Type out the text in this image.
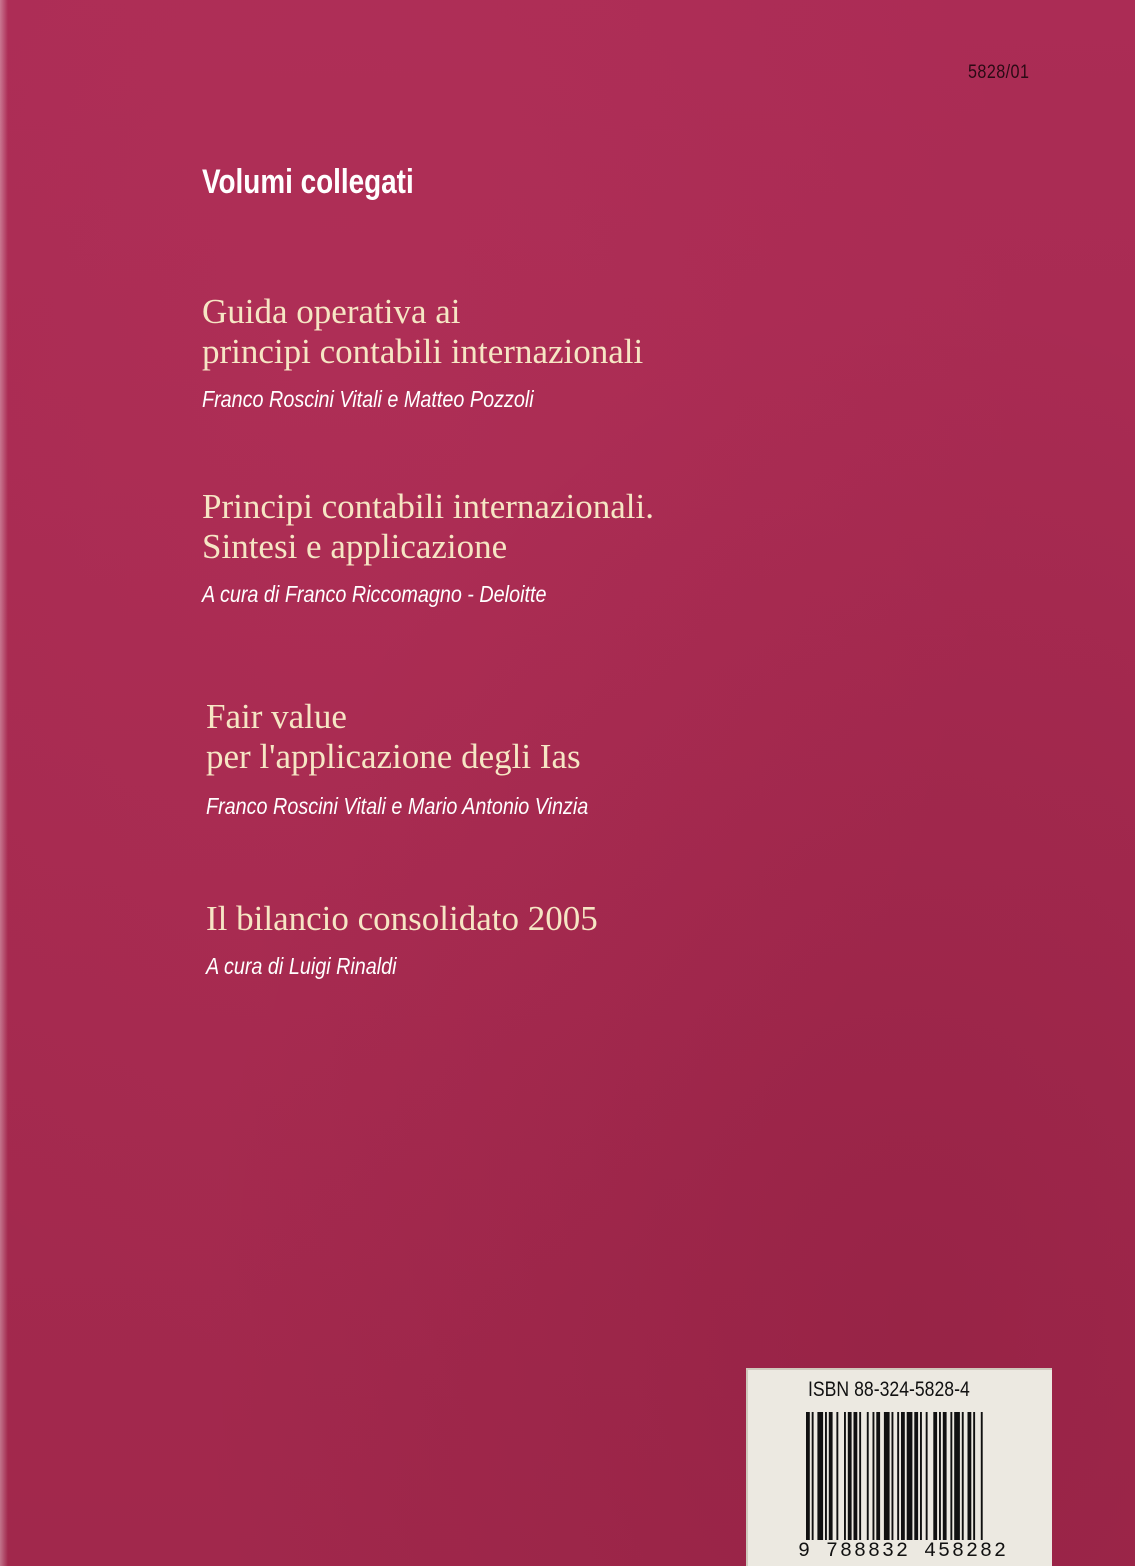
5828/01
Volumi collegati

Guida operativa ai
principi contabili internazionali

Franco Roscini Vitali e Matteo Pozzoli

Principi contabili internazionali.
Sintesi e applicazione

A cura di Franco Riccomagno - Deloitte

Fair value
per l'applicazione degli Ias

Franco Roscini Vitali e Mario Antonio Vinzia

Il bilancio consolidato 2005

A cura di Luigi Rinaldi
ISBN 88-324-5828-4
9 788832 458282
